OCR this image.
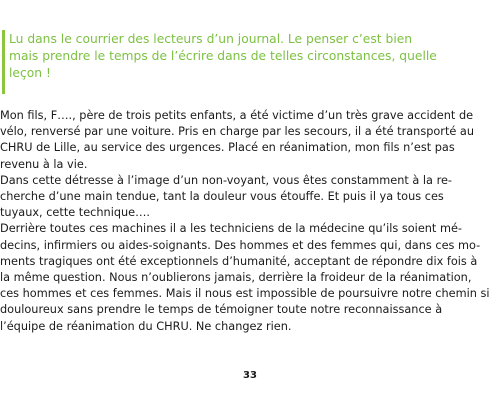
Lu dans le courrier des lecteurs d’un journal. Le penser c’est bien
mais prendre le temps de l’écrire dans de telles circonstances, quelle
leçon !

Mon fils, F…., père de trois petits enfants, a été victime d’un très grave accident de
vélo, renversé par une voiture. Pris en charge par les secours, il a été transporté au
CHRU de Lille, au service des urgences. Placé en réanimation, mon fils n’est pas
revenu à la vie.
Dans cette détresse à l’image d’un non-voyant, vous êtes constamment à la re-
cherche d’une main tendue, tant la douleur vous étouffe. Et puis il ya tous ces
tuyaux, cette technique….
Derrière toutes ces machines il a les techniciens de la médecine qu’ils soient mé-
decins, infirmiers ou aides-soignants. Des hommes et des femmes qui, dans ces mo-
ments tragiques ont été exceptionnels d’humanité, acceptant de répondre dix fois à
la même question. Nous n’oublierons jamais, derrière la froideur de la réanimation,
ces hommes et ces femmes. Mais il nous est impossible de poursuivre notre chemin si
douloureux sans prendre le temps de témoigner toute notre reconnaissance à
l’équipe de réanimation du CHRU. Ne changez rien.

33
